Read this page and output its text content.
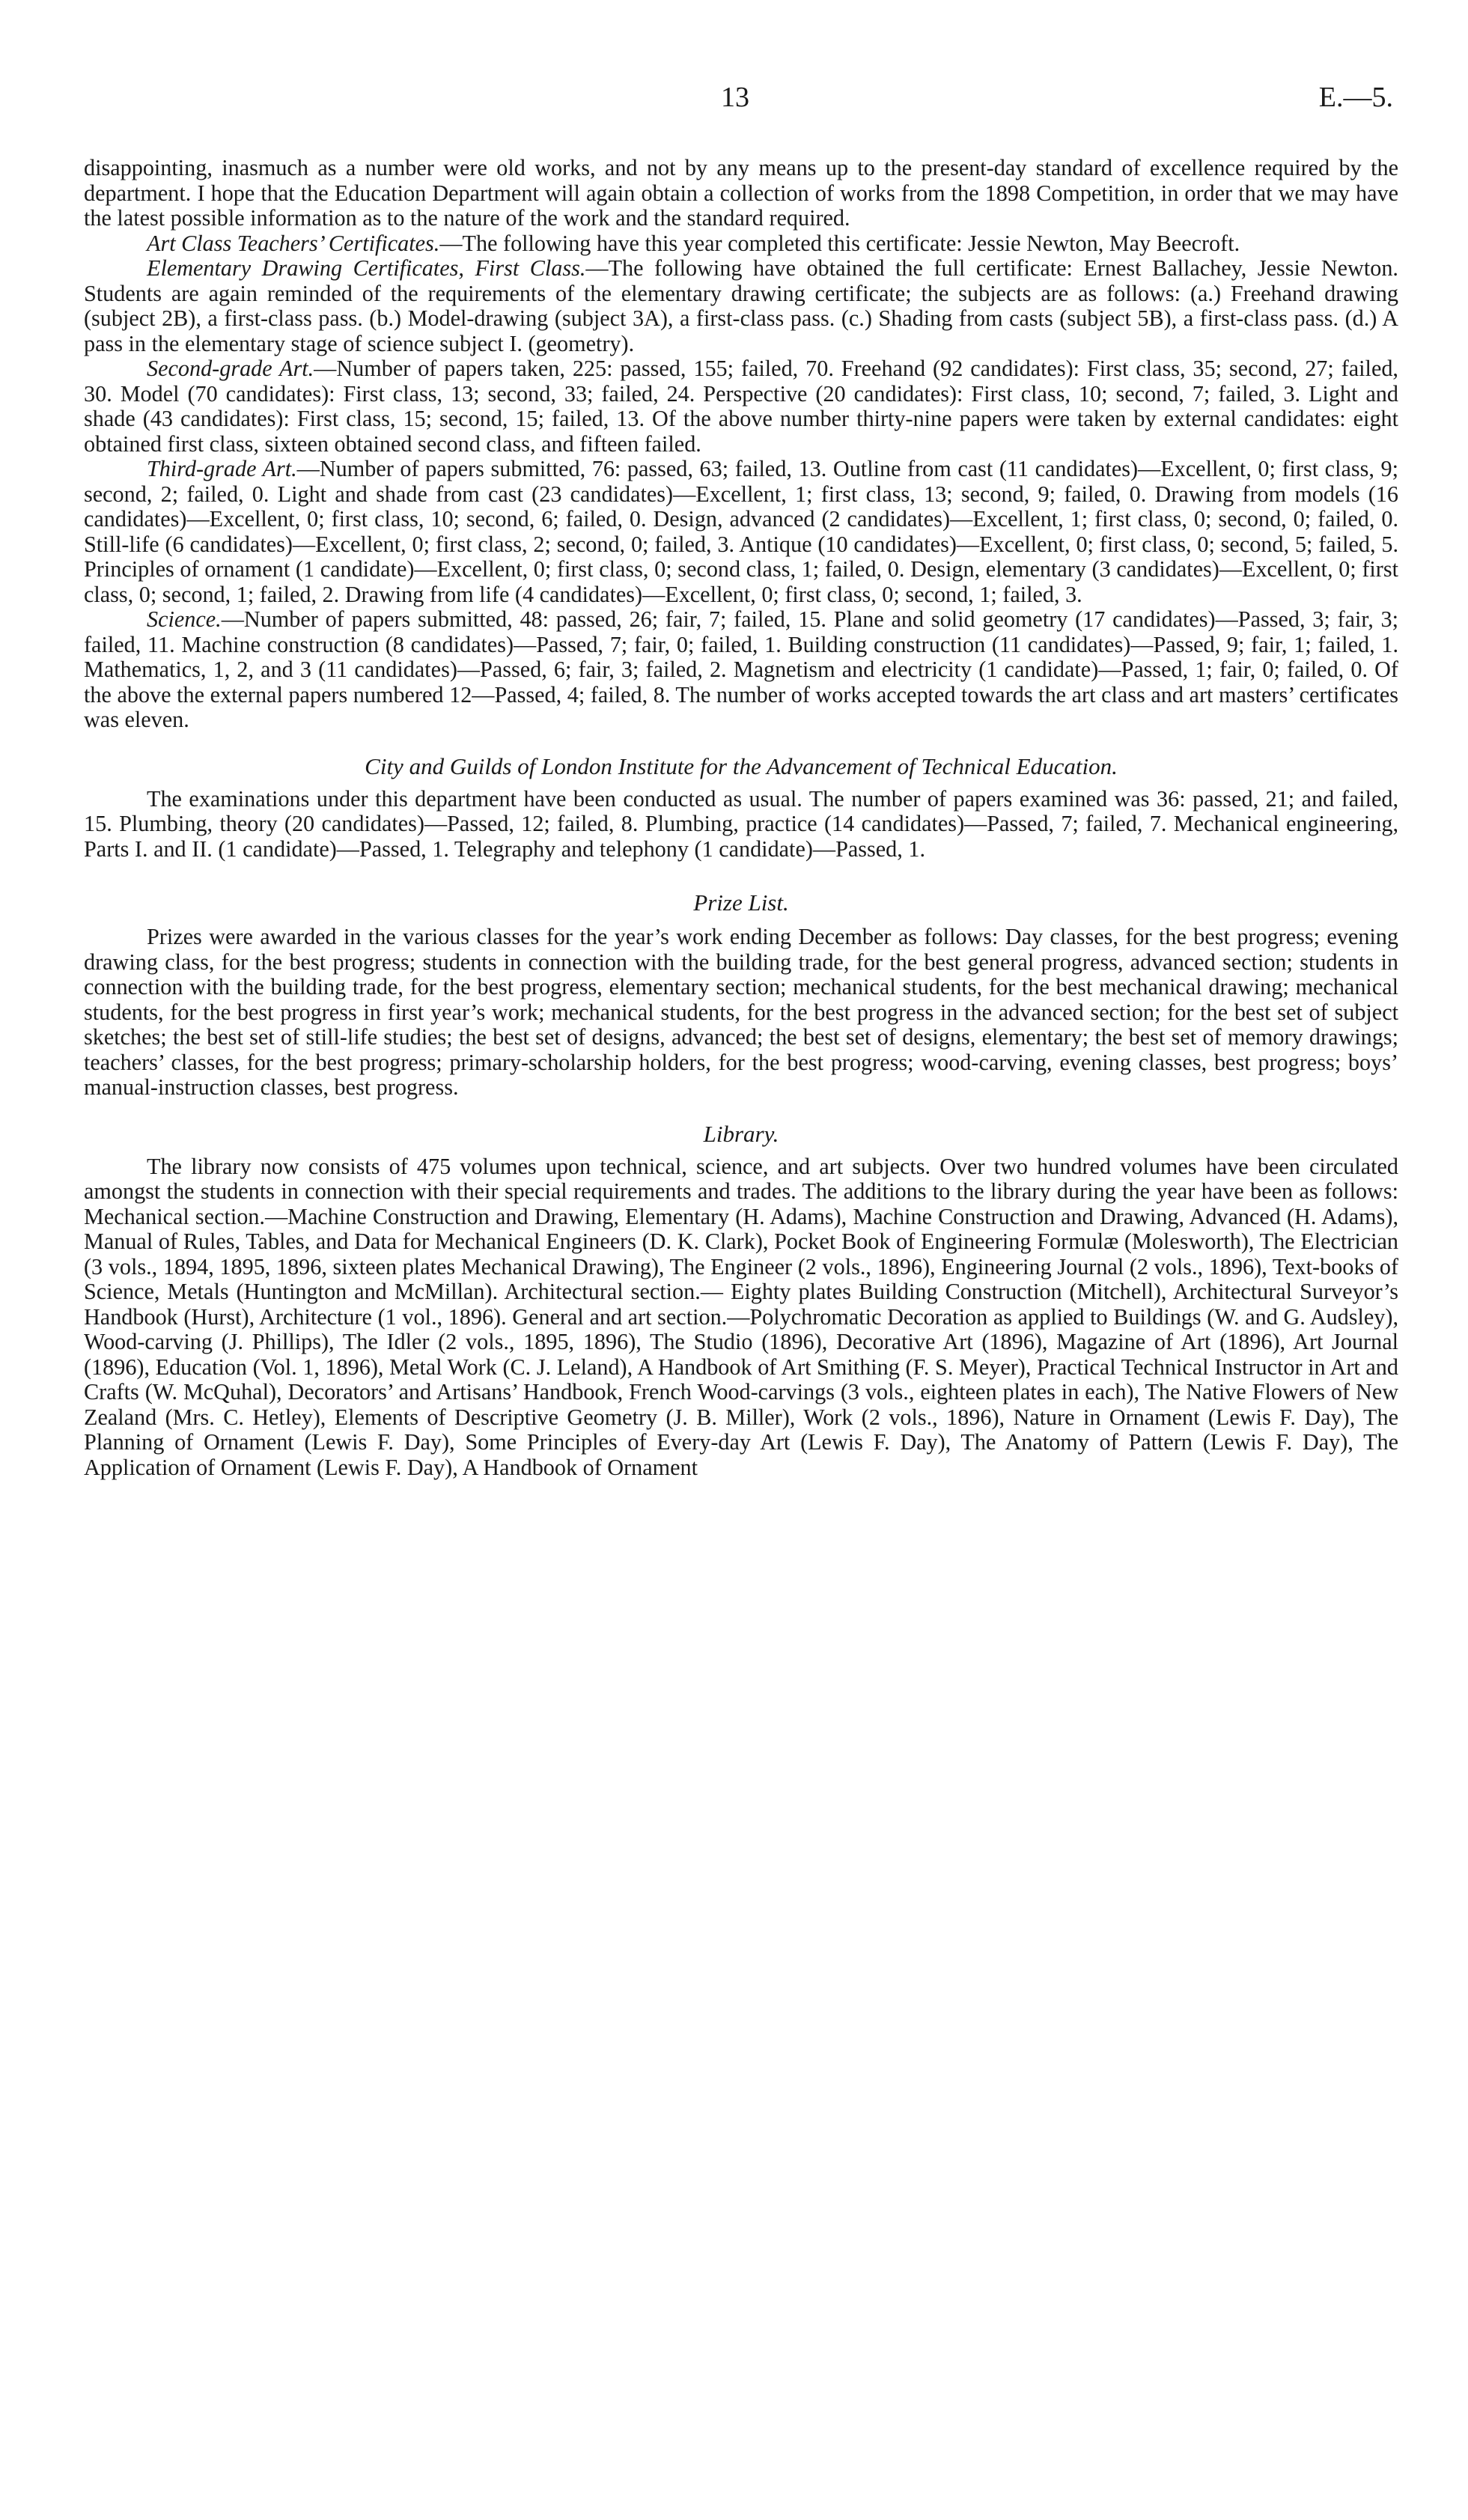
13	E.—5.

disappointing, inasmuch as a number were old works, and not by any means up to the present-day standard of excellence required by the department. I hope that the Education Department will again obtain a collection of works from the 1898 Competition, in order that we may have the latest possible information as to the nature of the work and the standard required.

Art Class Teachers’ Certificates.—The following have this year completed this certificate: Jessie Newton, May Beecroft.

Elementary Drawing Certificates, First Class.—The following have obtained the full certificate: Ernest Ballachey, Jessie Newton. Students are again reminded of the requirements of the elementary drawing certificate; the subjects are as follows: (a.) Freehand drawing (subject 2B), a first-class pass. (b.) Model-drawing (subject 3A), a first-class pass. (c.) Shading from casts (subject 5B), a first-class pass. (d.) A pass in the elementary stage of science subject I. (geometry).

Second-grade Art.—Number of papers taken, 225: passed, 155; failed, 70. Freehand (92 candidates): First class, 35; second, 27; failed, 30. Model (70 candidates): First class, 13; second, 33; failed, 24. Perspective (20 candidates): First class, 10; second, 7; failed, 3. Light and shade (43 candidates): First class, 15; second, 15; failed, 13. Of the above number thirty-nine papers were taken by external candidates: eight obtained first class, sixteen obtained second class, and fifteen failed.

Third-grade Art.—Number of papers submitted, 76: passed, 63; failed, 13. Outline from cast (11 candidates)—Excellent, 0; first class, 9; second, 2; failed, 0. Light and shade from cast (23 candidates)—Excellent, 1; first class, 13; second, 9; failed, 0. Drawing from models (16 candidates)—Excellent, 0; first class, 10; second, 6; failed, 0. Design, advanced (2 candidates)—Excellent, 1; first class, 0; second, 0; failed, 0. Still-life (6 candidates)—Excellent, 0; first class, 2; second, 0; failed, 3. Antique (10 candidates)—Excellent, 0; first class, 0; second, 5; failed, 5. Principles of ornament (1 candidate)—Excellent, 0; first class, 0; second class, 1; failed, 0. Design, elementary (3 candidates)—Excellent, 0; first class, 0; second, 1; failed, 2. Drawing from life (4 candidates)—Excellent, 0; first class, 0; second, 1; failed, 3.

Science.—Number of papers submitted, 48: passed, 26; fair, 7; failed, 15. Plane and solid geometry (17 candidates)—Passed, 3; fair, 3; failed, 11. Machine construction (8 candidates)—Passed, 7; fair, 0; failed, 1. Building construction (11 candidates)—Passed, 9; fair, 1; failed, 1. Mathematics, 1, 2, and 3 (11 candidates)—Passed, 6; fair, 3; failed, 2. Magnetism and electricity (1 candidate)—Passed, 1; fair, 0; failed, 0. Of the above the external papers numbered 12—Passed, 4; failed, 8. The number of works accepted towards the art class and art masters’ certificates was eleven.

City and Guilds of London Institute for the Advancement of Technical Education.

The examinations under this department have been conducted as usual. The number of papers examined was 36: passed, 21; and failed, 15. Plumbing, theory (20 candidates)—Passed, 12; failed, 8. Plumbing, practice (14 candidates)—Passed, 7; failed, 7. Mechanical engineering, Parts I. and II. (1 candidate)—Passed, 1. Telegraphy and telephony (1 candidate)—Passed, 1.

Prize List.

Prizes were awarded in the various classes for the year’s work ending December as follows: Day classes, for the best progress; evening drawing class, for the best progress; students in connection with the building trade, for the best general progress, advanced section; students in connection with the building trade, for the best progress, elementary section; mechanical students, for the best mechanical drawing; mechanical students, for the best progress in first year’s work; mechanical students, for the best progress in the advanced section; for the best set of subject sketches; the best set of still-life studies; the best set of designs, advanced; the best set of designs, elementary; the best set of memory drawings; teachers’ classes, for the best progress; primary-scholarship holders, for the best progress; wood-carving, evening classes, best progress; boys’ manual-instruction classes, best progress.

Library.

The library now consists of 475 volumes upon technical, science, and art subjects. Over two hundred volumes have been circulated amongst the students in connection with their special requirements and trades. The additions to the library during the year have been as follows: Mechanical section.—Machine Construction and Drawing, Elementary (H. Adams), Machine Construction and Drawing, Advanced (H. Adams), Manual of Rules, Tables, and Data for Mechanical Engineers (D. K. Clark), Pocket Book of Engineering Formulæ (Molesworth), The Electrician (3 vols., 1894, 1895, 1896, sixteen plates Mechanical Drawing), The Engineer (2 vols., 1896), Engineering Journal (2 vols., 1896), Text-books of Science, Metals (Huntington and McMillan). Architectural section.— Eighty plates Building Construction (Mitchell), Architectural Surveyor’s Handbook (Hurst), Architecture (1 vol., 1896). General and art section.—Polychromatic Decoration as applied to Buildings (W. and G. Audsley), Wood-carving (J. Phillips), The Idler (2 vols., 1895, 1896), The Studio (1896), Decorative Art (1896), Magazine of Art (1896), Art Journal (1896), Education (Vol. 1, 1896), Metal Work (C. J. Leland), A Handbook of Art Smithing (F. S. Meyer), Practical Technical Instructor in Art and Crafts (W. McQuhal), Decorators’ and Artisans’ Handbook, French Wood-carvings (3 vols., eighteen plates in each), The Native Flowers of New Zealand (Mrs. C. Hetley), Elements of Descriptive Geometry (J. B. Miller), Work (2 vols., 1896), Nature in Ornament (Lewis F. Day), The Planning of Ornament (Lewis F. Day), Some Principles of Every-day Art (Lewis F. Day), The Anatomy of Pattern (Lewis F. Day), The Application of Ornament (Lewis F. Day), A Handbook of Ornament
